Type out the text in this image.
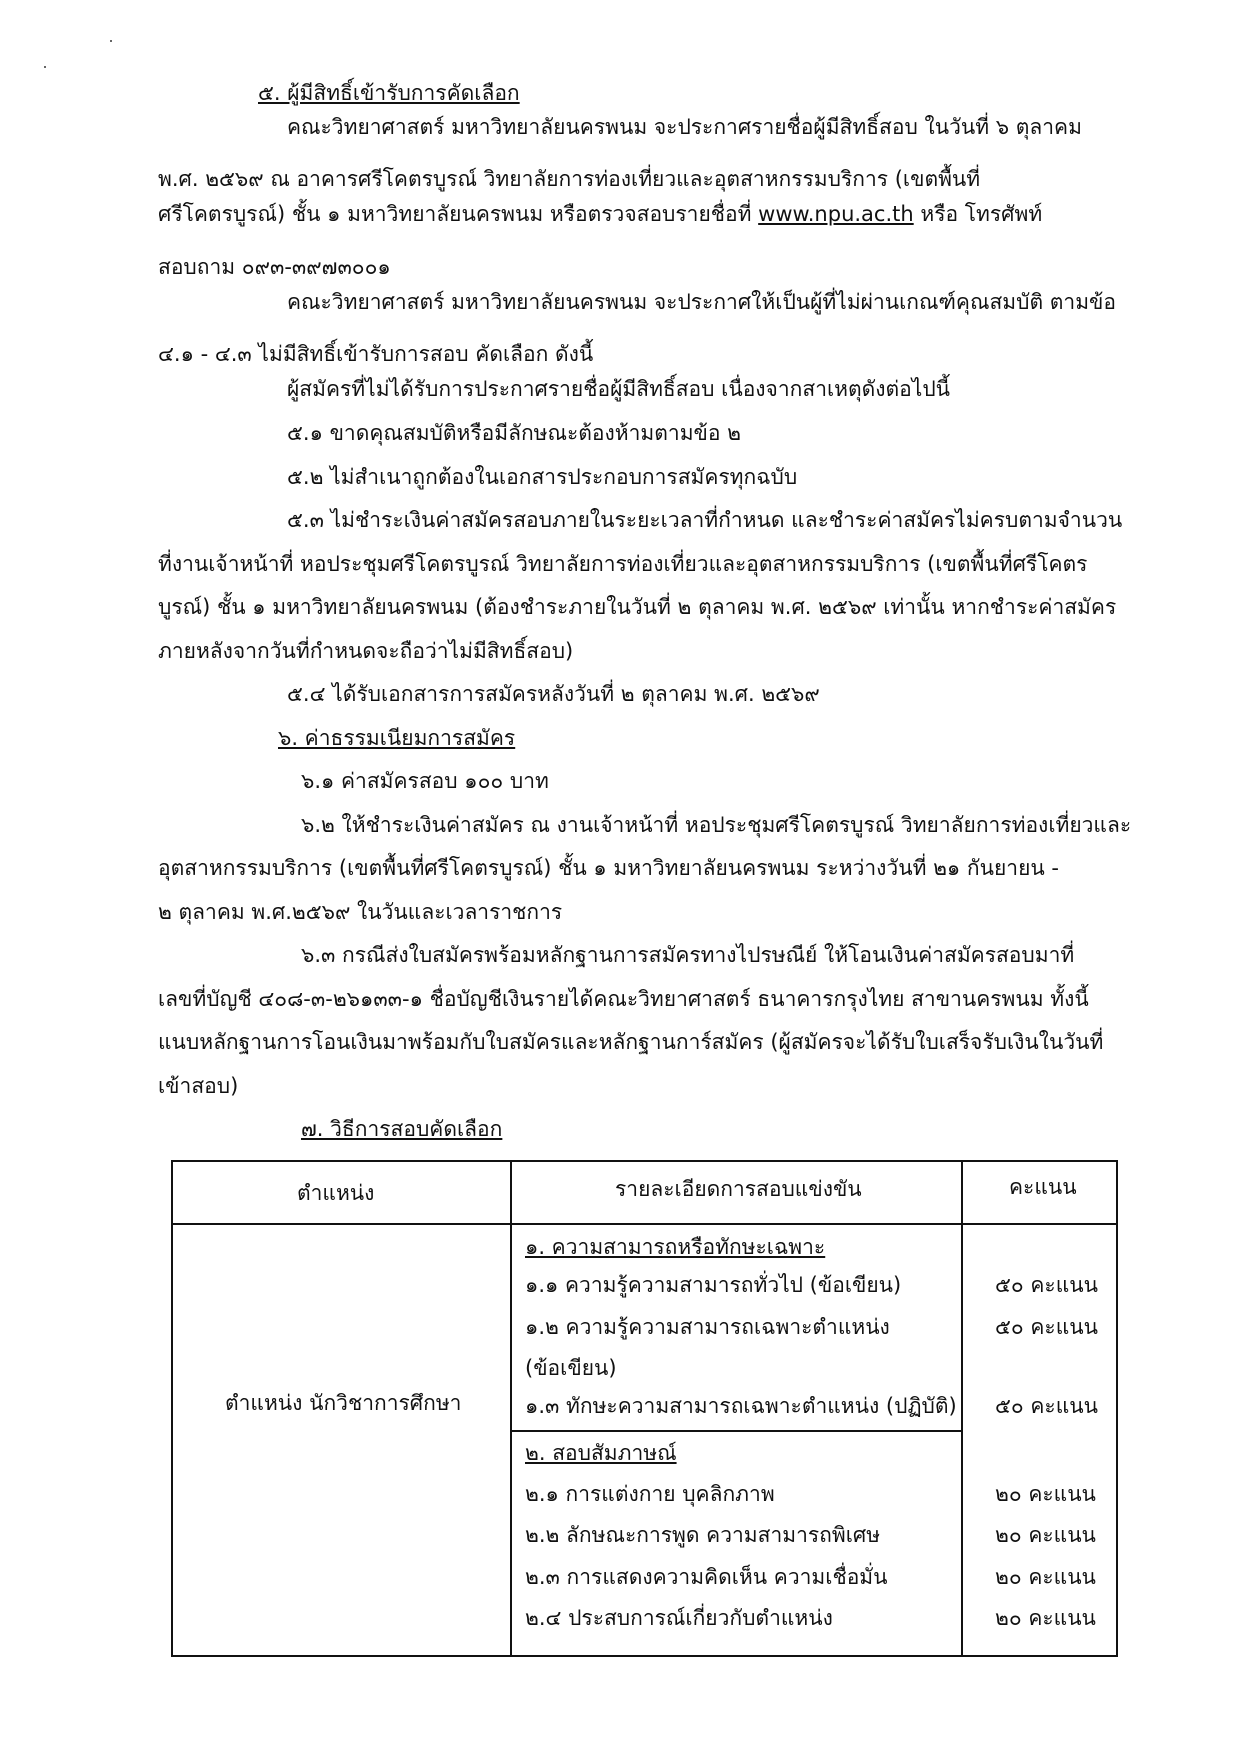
๕. ผู้มีสิทธิ์เข้ารับการคัดเลือก
คณะวิทยาศาสตร์ มหาวิทยาลัยนครพนม จะประกาศรายชื่อผู้มีสิทธิ์สอบ ในวันที่ ๖ ตุลาคม
พ.ศ. ๒๕๖๙ ณ อาคารศรีโคตรบูรณ์ วิทยาลัยการท่องเที่ยวและอุตสาหกรรมบริการ (เขตพื้นที่
ศรีโคตรบูรณ์) ชั้น ๑ มหาวิทยาลัยนครพนม หรือตรวจสอบรายชื่อที่ www.npu.ac.th หรือ โทรศัพท์
สอบถาม ๐๙๓-๓๙๗๓๐๐๑
คณะวิทยาศาสตร์ มหาวิทยาลัยนครพนม จะประกาศให้เป็นผู้ที่ไม่ผ่านเกณฑ์คุณสมบัติ ตามข้อ
๔.๑ - ๔.๓ ไม่มีสิทธิ์เข้ารับการสอบ คัดเลือก ดังนี้
ผู้สมัครที่ไม่ได้รับการประกาศรายชื่อผู้มีสิทธิ์สอบ เนื่องจากสาเหตุดังต่อไปนี้
๕.๑ ขาดคุณสมบัติหรือมีลักษณะต้องห้ามตามข้อ ๒
๕.๒ ไม่สำเนาถูกต้องในเอกสารประกอบการสมัครทุกฉบับ
๕.๓ ไม่ชำระเงินค่าสมัครสอบภายในระยะเวลาที่กำหนด และชำระค่าสมัครไม่ครบตามจำนวน
ที่งานเจ้าหน้าที่ หอประชุมศรีโคตรบูรณ์ วิทยาลัยการท่องเที่ยวและอุตสาหกรรมบริการ (เขตพื้นที่ศรีโคตร
บูรณ์) ชั้น ๑ มหาวิทยาลัยนครพนม (ต้องชำระภายในวันที่ ๒ ตุลาคม พ.ศ. ๒๕๖๙ เท่านั้น หากชำระค่าสมัคร
ภายหลังจากวันที่กำหนดจะถือว่าไม่มีสิทธิ์สอบ)
๕.๔ ได้รับเอกสารการสมัครหลังวันที่ ๒ ตุลาคม พ.ศ. ๒๕๖๙
๖. ค่าธรรมเนียมการสมัคร
๖.๑ ค่าสมัครสอบ ๑๐๐ บาท
๖.๒ ให้ชำระเงินค่าสมัคร ณ งานเจ้าหน้าที่ หอประชุมศรีโคตรบูรณ์ วิทยาลัยการท่องเที่ยวและ
อุตสาหกรรมบริการ (เขตพื้นที่ศรีโคตรบูรณ์) ชั้น ๑ มหาวิทยาลัยนครพนม ระหว่างวันที่ ๒๑ กันยายน -
๒ ตุลาคม พ.ศ.๒๕๖๙ ในวันและเวลาราชการ
๖.๓ กรณีส่งใบสมัครพร้อมหลักฐานการสมัครทางไปรษณีย์ ให้โอนเงินค่าสมัครสอบมาที่
เลขที่บัญชี ๔๐๘-๓-๒๖๑๓๓-๑ ชื่อบัญชีเงินรายได้คณะวิทยาศาสตร์ ธนาคารกรุงไทย สาขานครพนม ทั้งนี้
แนบหลักฐานการโอนเงินมาพร้อมกับใบสมัครและหลักฐานการ์สมัคร (ผู้สมัครจะได้รับใบเสร็จรับเงินในวันที่
เข้าสอบ)
๗. วิธีการสอบคัดเลือก
ตำแหน่ง	รายละเอียดการสอบแข่งขัน	คะแนน
ตำแหน่ง นักวิชาการศึกษา
๑. ความสามารถหรือทักษะเฉพาะ
๑.๑ ความรู้ความสามารถทั่วไป (ข้อเขียน)	๕๐ คะแนน
๑.๒ ความรู้ความสามารถเฉพาะตำแหน่ง	๕๐ คะแนน
(ข้อเขียน)
๑.๓ ทักษะความสามารถเฉพาะตำแหน่ง (ปฏิบัติ) ๕๐ คะแนน
๒. สอบสัมภาษณ์
๒.๑ การแต่งกาย บุคลิกภาพ	๒๐ คะแนน
๒.๒ ลักษณะการพูด ความสามารถพิเศษ	๒๐ คะแนน
๒.๓ การแสดงความคิดเห็น ความเชื่อมั่น	๒๐ คะแนน
๒.๔ ประสบการณ์เกี่ยวกับตำแหน่ง	๒๐ คะแนน
